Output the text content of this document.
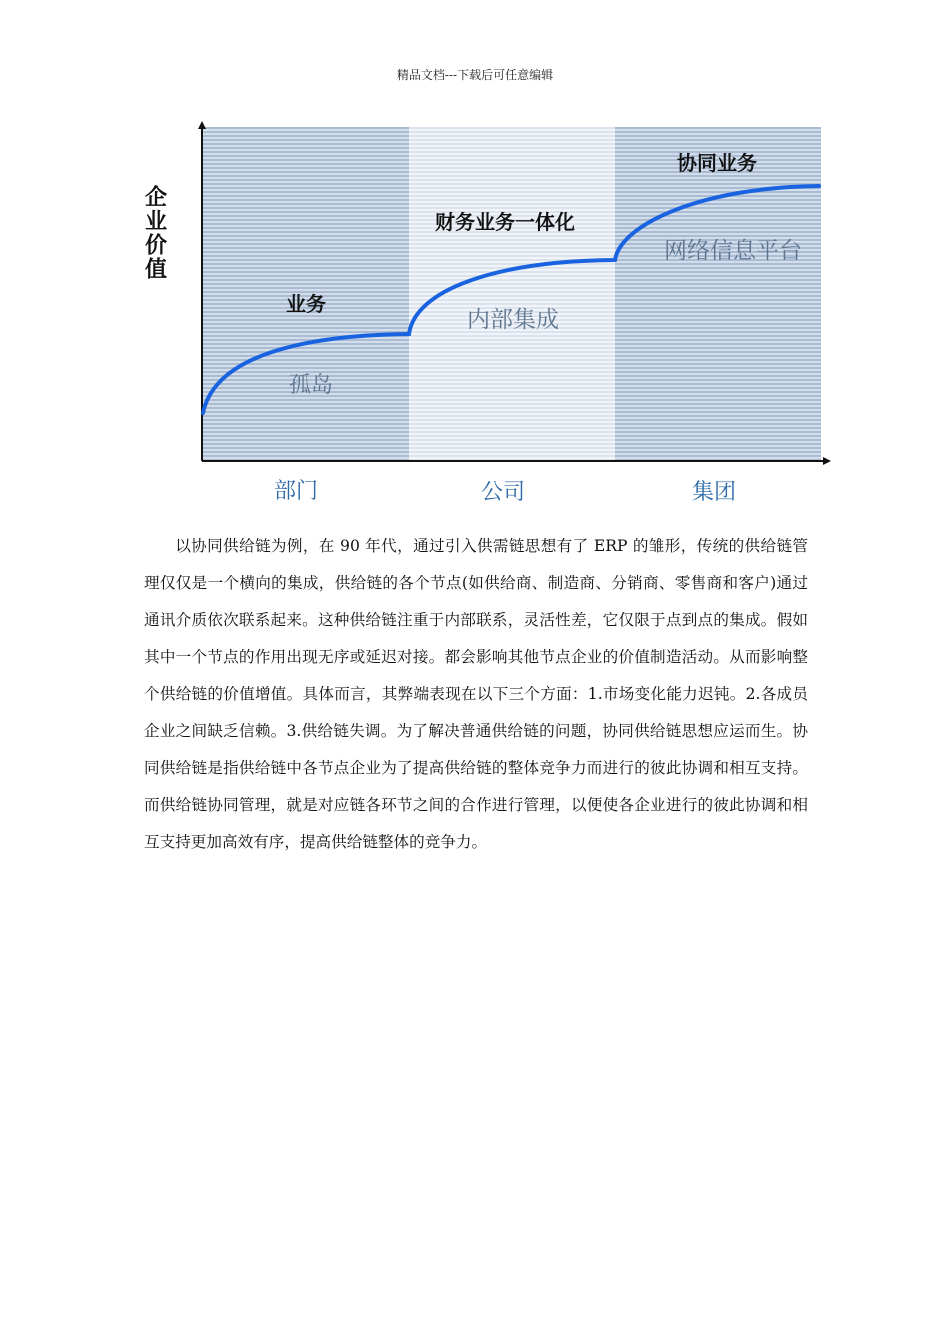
精品文档---下载后可任意编辑
企业价值
业务
财务业务一体化
协同业务
孤岛
内部集成
网络信息平台
部门	公司	集团

以协同供给链为例，在 90 年代，通过引入供需链思想有了 ERP 的雏形，传统的供给链管理仅仅是一个横向的集成，供给链的各个节点(如供给商、制造商、分销商、零售商和客户)通过通讯介质依次联系起来。这种供给链注重于内部联系，灵活性差，它仅限于点到点的集成。假如其中一个节点的作用出现无序或延迟对接。都会影响其他节点企业的价值制造活动。从而影响整个供给链的价值增值。具体而言，其弊端表现在以下三个方面：1.市场变化能力迟钝。2.各成员企业之间缺乏信赖。3.供给链失调。为了解决普通供给链的问题，协同供给链思想应运而生。协同供给链是指供给链中各节点企业为了提高供给链的整体竞争力而进行的彼此协调和相互支持。而供给链协同管理，就是对应链各环节之间的合作进行管理，以便使各企业进行的彼此协调和相互支持更加高效有序，提高供给链整体的竞争力。
